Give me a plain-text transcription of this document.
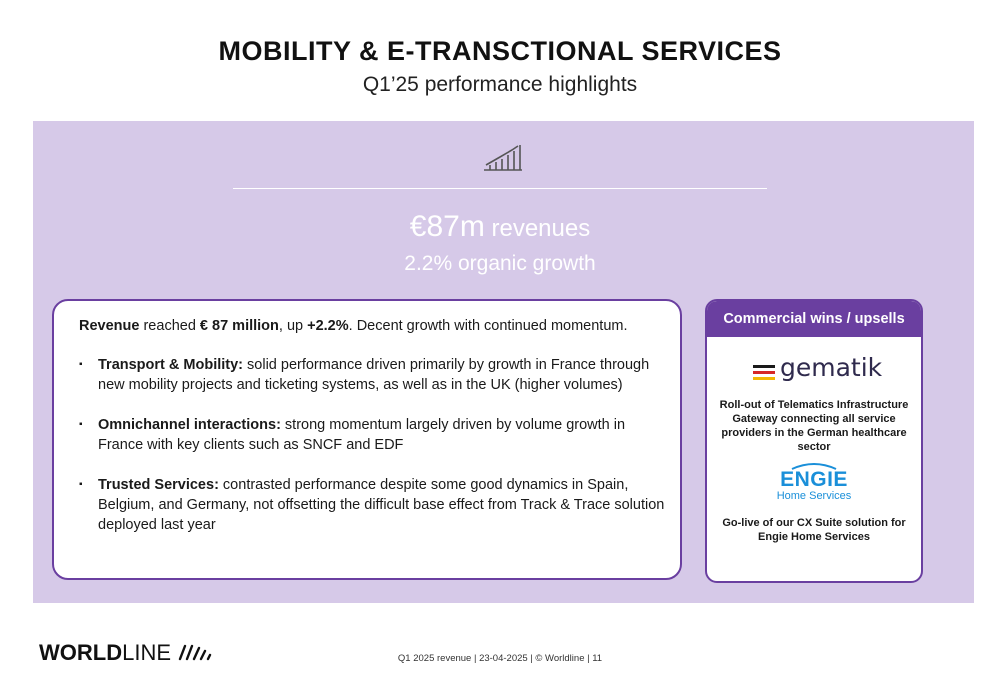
MOBILITY & E-TRANSCTIONAL SERVICES
Q1’25 performance highlights
€87m revenues
2.2% organic growth
Revenue reached € 87 million, up +2.2%. Decent growth with continued momentum.
▪ Transport & Mobility: solid performance driven primarily by growth in France through new mobility projects and ticketing systems, as well as in the UK (higher volumes)
▪ Omnichannel interactions: strong momentum largely driven by volume growth in France with key clients such as SNCF and EDF
▪ Trusted Services: contrasted performance despite some good dynamics in Spain, Belgium, and Germany, not offsetting the difficult base effect from Track & Trace solution deployed last year
Commercial wins / upsells
gematik
Roll-out of Telematics Infrastructure Gateway connecting all service providers in the German healthcare sector
ENGIE
Home Services
Go-live of our CX Suite solution for Engie Home Services
WORLDLINE	Q1 2025 revenue | 23-04-2025 | © Worldline | 11
